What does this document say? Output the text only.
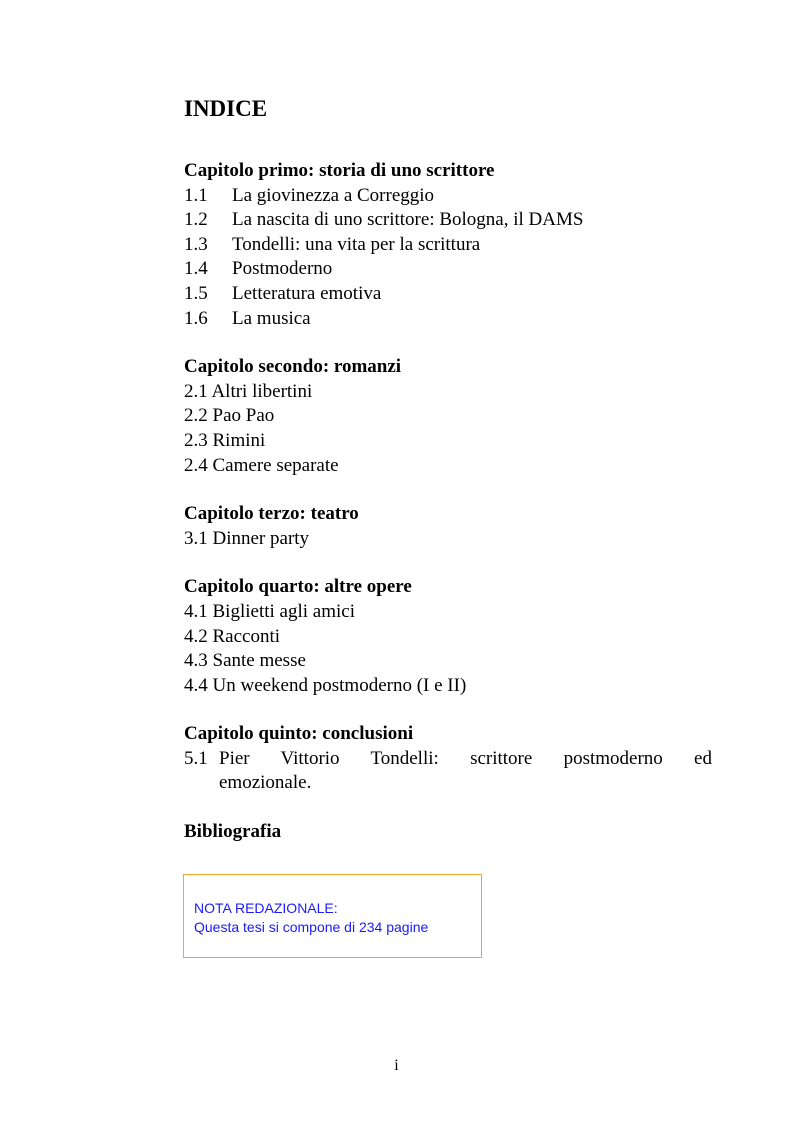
INDICE
Capitolo primo: storia di uno scrittore
1.1 La giovinezza a Correggio
1.2 La nascita di uno scrittore: Bologna, il DAMS
1.3 Tondelli: una vita per la scrittura
1.4 Postmoderno
1.5 Letteratura emotiva
1.6 La musica
Capitolo secondo: romanzi
2.1 Altri libertini
2.2 Pao Pao
2.3 Rimini
2.4 Camere separate
Capitolo terzo: teatro
3.1 Dinner party
Capitolo quarto: altre opere
4.1 Biglietti agli amici
4.2 Racconti
4.3 Sante messe
4.4 Un weekend postmoderno (I e II)
Capitolo quinto: conclusioni
5.1 Pier Vittorio Tondelli: scrittore postmoderno ed
emozionale.
Bibliografia
NOTA REDAZIONALE:
Questa tesi si compone di 234 pagine
i
